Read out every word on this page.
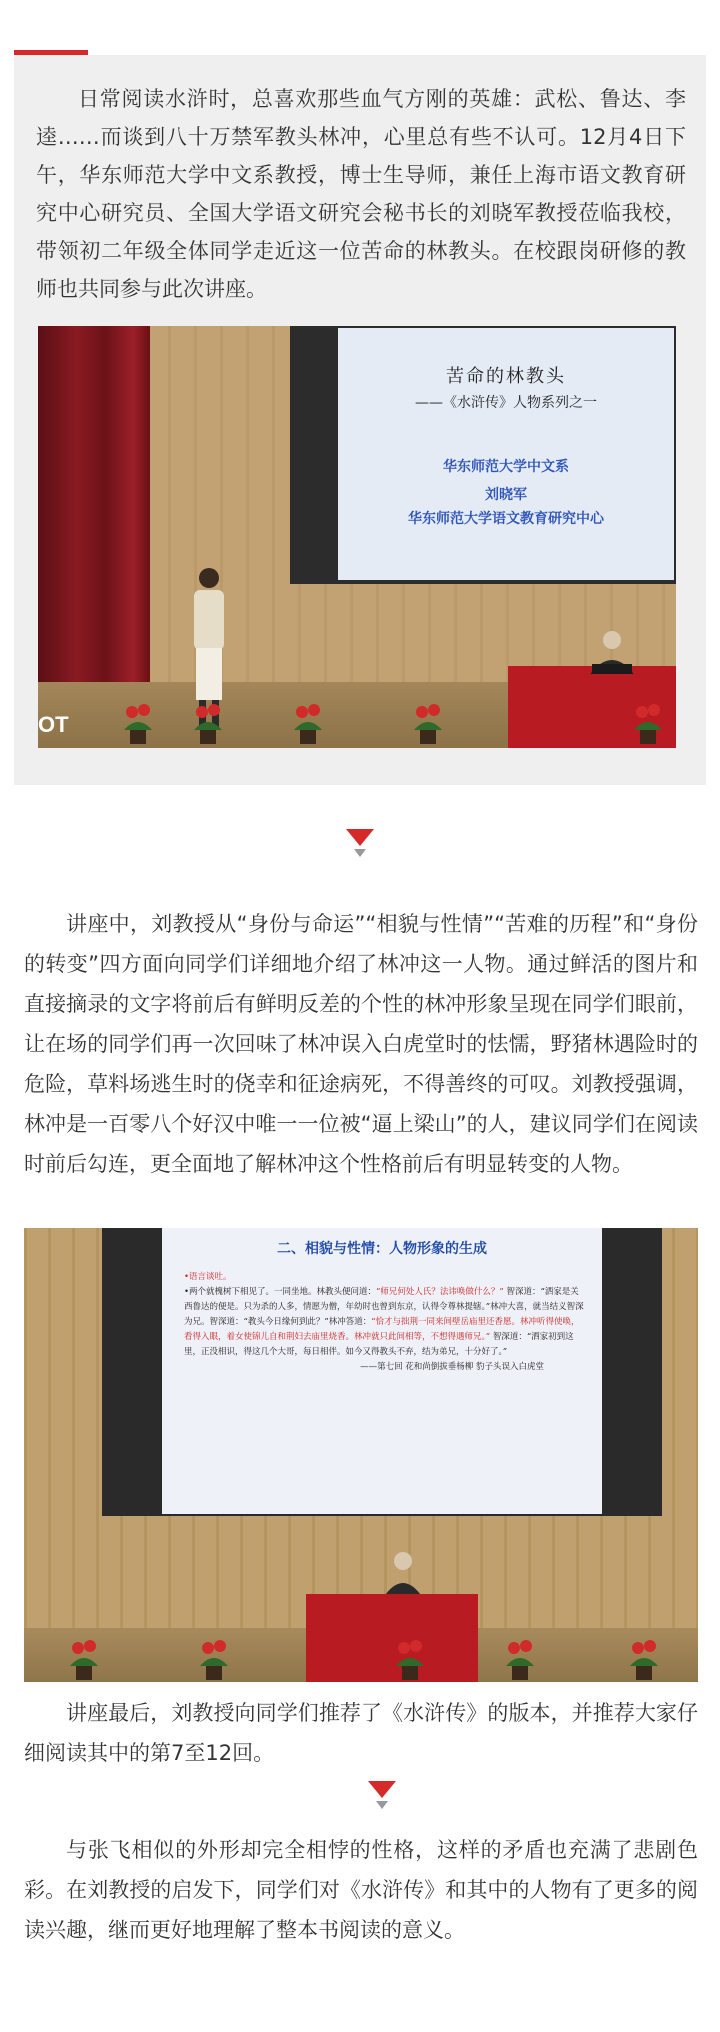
日常阅读水浒时，总喜欢那些血气方刚的英雄：武松、鲁达、李逵……而谈到八十万禁军教头林冲，心里总有些不认可。12月4日下午，华东师范大学中文系教授，博士生导师，兼任上海市语文教育研究中心研究员、全国大学语文研究会秘书长的刘晓军教授莅临我校，带领初二年级全体同学走近这一位苦命的林教头。在校跟岗研修的教师也共同参与此次讲座。

苦命的林教头
——《水浒传》人物系列之一
华东师范大学中文系
刘晓军
华东师范大学语文教育研究中心
OT

讲座中，刘教授从“身份与命运”“相貌与性情”“苦难的历程”和“身份的转变”四方面向同学们详细地介绍了林冲这一人物。通过鲜活的图片和直接摘录的文字将前后有鲜明反差的个性的林冲形象呈现在同学们眼前，让在场的同学们再一次回味了林冲误入白虎堂时的怯懦，野猪林遇险时的危险，草料场逃生时的侥幸和征途病死，不得善终的可叹。刘教授强调，林冲是一百零八个好汉中唯一一位被“逼上梁山”的人，建议同学们在阅读时前后勾连，更全面地了解林冲这个性格前后有明显转变的人物。

二、相貌与性情：人物形象的生成
•语言谈吐。
•两个就槐树下相见了。一同坐地。林教头便问道：“师兄何处人氏？法讳唤做什么？” 智深道：“洒家是关西鲁达的便是。只为杀的人多，情愿为僧，年幼时也曾到东京，认得令尊林提辖。”林冲大喜，就当结义智深为兄。智深道：“教头今日缘何到此？”林冲答道：“恰才与拙荆一同来间壁岳庙里还香愿。林冲听得使唤，看得入眼，着女使锦儿自和荆妇去庙里烧香。林冲就只此间相等，不想得遇师兄。” 智深道：“洒家初到这里，正没相识，得这几个大哥，每日相伴。如今又得教头不弃，结为弟兄，十分好了。”
——第七回 花和尚倒拔垂杨柳 豹子头误入白虎堂

讲座最后，刘教授向同学们推荐了《水浒传》的版本，并推荐大家仔细阅读其中的第7至12回。

与张飞相似的外形却完全相悖的性格，这样的矛盾也充满了悲剧色彩。在刘教授的启发下，同学们对《水浒传》和其中的人物有了更多的阅读兴趣，继而更好地理解了整本书阅读的意义。
